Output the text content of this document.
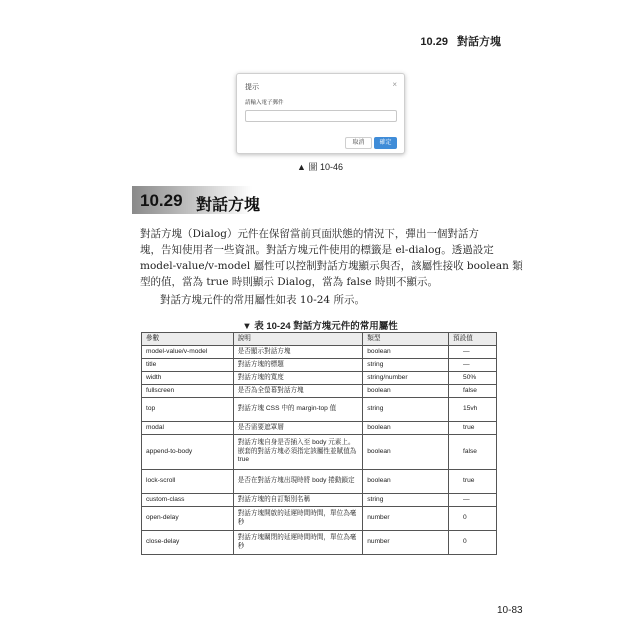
10.29 對話方塊
提示	×
請輸入電子郵件
取消	確定
▲ 圖 10-46
10.29 對話方塊
對話方塊（Dialog）元件在保留當前頁面狀態的情況下，彈出一個對話方
塊，告知使用者一些資訊。對話方塊元件使用的標籤是 el-dialog。透過設定
model-value/v-model 屬性可以控制對話方塊顯示與否，該屬性接收 boolean 類
型的值，當為 true 時則顯示 Dialog，當為 false 時則不顯示。
對話方塊元件的常用屬性如表 10-24 所示。
▼ 表 10-24 對話方塊元件的常用屬性
參數	說明	類型	預設值
model-value/v-model	是否顯示對話方塊	boolean	—
title	對話方塊的標題	string	—
width	對話方塊的寬度	string/number	50%
fullscreen	是否為全螢幕對話方塊	boolean	false
top	對話方塊 CSS 中的 margin-top 值	string	15vh
modal	是否需要遮罩層	boolean	true
append-to-body	對話方塊自身是否插入至 body 元素上。嵌套的對話方塊必須指定該屬性並賦值為 true	boolean	false
lock-scroll	是否在對話方塊出現時將 body 捲動鎖定	boolean	true
custom-class	對話方塊的自訂類別名稱	string	—
open-delay	對話方塊開啟的延遲時間時間，單位為毫秒	number	0
close-delay	對話方塊關閉的延遲時間時間，單位為毫秒	number	0
10-83
